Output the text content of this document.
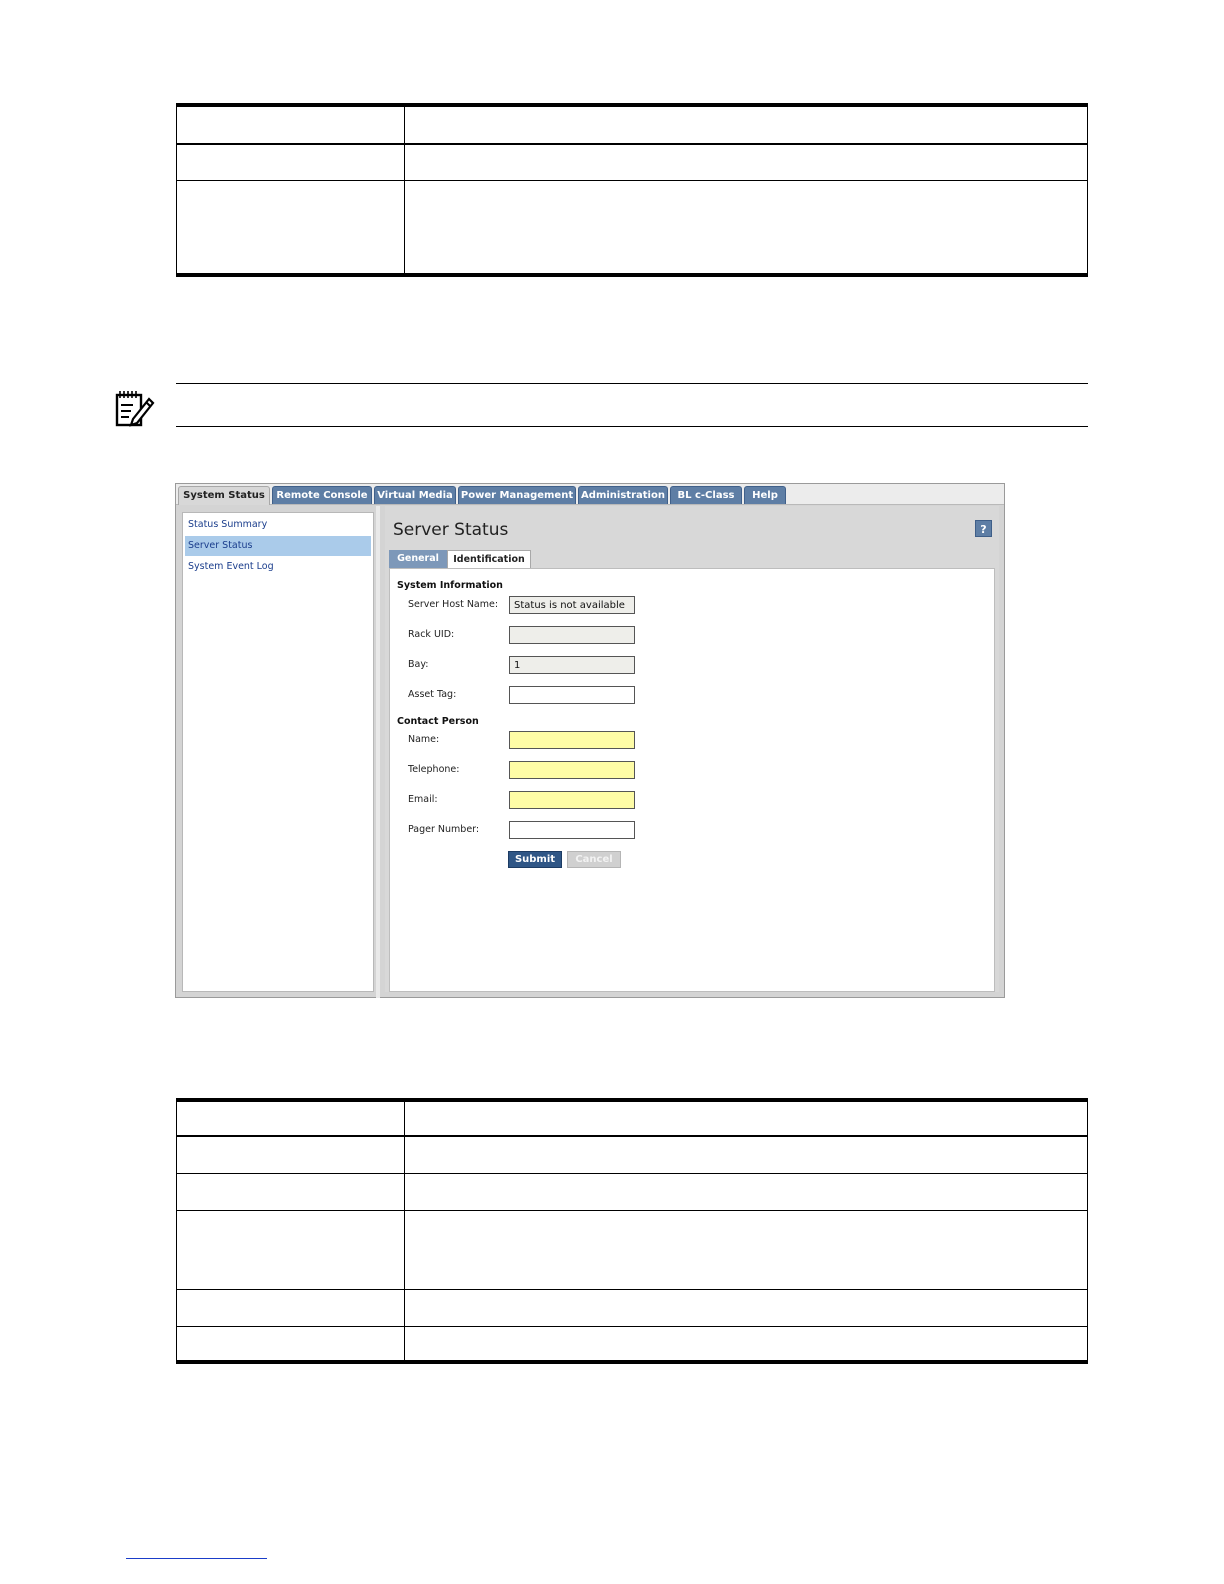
System Status	Remote Console Virtual Media Power Management Administration	BL c-Class	Help
Status Summary
Server Status
System Event Log
Server Status	?
General	Identification
System Information
Server Host Name:
Status is not available
Rack UID:
Bay:
1
Asset Tag:
Contact Person
Name:
Telephone:
Email:
Pager Number:
Submit	Cancel
